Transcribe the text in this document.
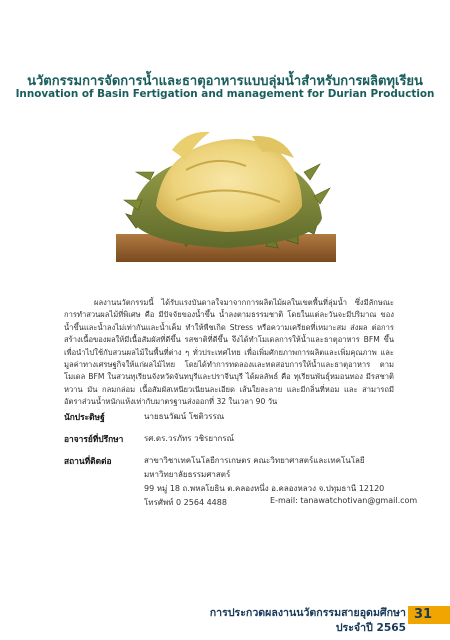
นวัตกรรมการจัดการน้ำและธาตุอาหารแบบลุ่มน้ำสำหรับการผลิตทุเรียน
Innovation of Basin Fertigation and management for Durian Production
ผลงานนวัตกรรมนี้ ได้รับแรงบันดาลใจมาจากการผลิตไม้ผลในเขตพื้นที่ลุ่มน้ำ ซึ่งมีลักษณะ การทำสวนผลไม้ที่พิเศษ คือ มีปัจจัยของน้ำขึ้น น้ำลงตามธรรมชาติ โดยในแต่ละวันจะมีปริมาณ ของน้ำขึ้นและน้ำลงไม่เท่ากันและน้ำเค็ม ทำให้พืชเกิด Stress หรือความเครียดที่เหมาะสม ส่งผล ต่อการสร้างเนื้อของผลให้มีเนื้อสัมผัสที่ดีขึ้น รสชาติที่ดีขึ้น จึงได้ทำโมเดลการให้น้ำและธาตุอาหาร BFM ขึ้น เพื่อนำไปใช้กับสวนผลไม้ในพื้นที่ต่าง ๆ ทั่วประเทศไทย เพื่อเพิ่มศักยภาพการผลิตและเพิ่มคุณภาพ และมูลค่าทางเศรษฐกิจให้แก่ผลไม้ไทย โดยได้ทำการทดลองและทดสอบการให้น้ำและธาตุอาหาร ตามโมเดล BFM ในสวนทุเรียนจังหวัดจันทบุรีและปราจีนบุรี ได้ผลลัพธ์ คือ ทุเรียนพันธุ์หมอนทอง มีรสชาติหวาน มัน กลมกล่อม เนื้อสัมผัสเหนียวเนียนละเอียด เส้นใยละลาย และมีกลิ่นที่หอม และ สามารถมีอัตราส่วนน้ำหนักแห้งเท่ากับมาตรฐานส่งออกที่ 32 ในเวลา 90 วัน
นักประดิษฐ์	นายธนวัฒน์ โชติวรรณ
อาจารย์ที่ปรึกษา	รศ.ดร.วรภัทร วชิรยากรณ์
สถานที่ติดต่อ	สาขาวิชาเทคโนโลยีการเกษตร คณะวิทยาศาสตร์และเทคโนโลยี
มหาวิทยาลัยธรรมศาสตร์
99 หมู่ 18 ถ.พหลโยธิน ต.คลองหนึ่ง อ.คลองหลวง จ.ปทุมธานี 12120
โทรศัพท์ 0 2564 4488	E-mail: tanawatchotivan@gmail.com
การประกวดผลงานนวัตกรรมสายอุดมศึกษา
ประจำปี 2565
31
